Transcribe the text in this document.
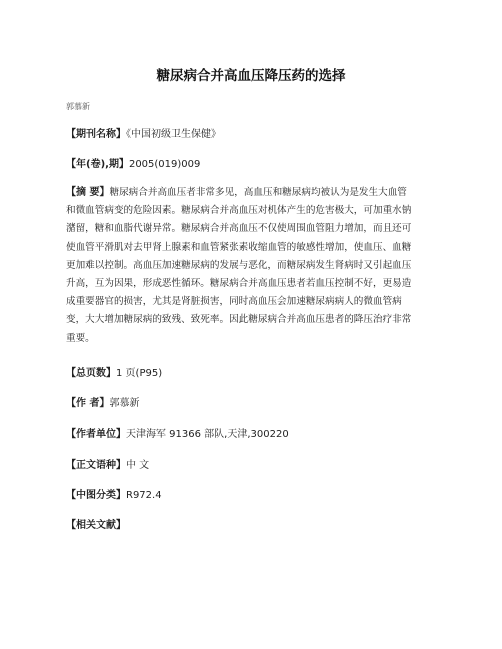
糖尿病合并高血压降压药的选择
郭慕新
【期刊名称】《中国初级卫生保健》
【年(卷),期】2005(019)009
【摘 要】糖尿病合并高血压者非常多见，高血压和糖尿病均被认为是发生大血管
和微血管病变的危险因素。糖尿病合并高血压对机体产生的危害极大，可加重水钠
潴留，糖和血脂代谢异常。糖尿病合并高血压不仅使周围血管阻力增加，而且还可
使血管平滑肌对去甲肾上腺素和血管紧张素收缩血管的敏感性增加，使血压、血糖
更加难以控制。高血压加速糖尿病的发展与恶化，而糖尿病发生肾病时又引起血压
升高，互为因果，形成恶性循环。糖尿病合并高血压患者若血压控制不好，更易造
成重要器官的损害，尤其是肾脏损害，同时高血压会加速糖尿病病人的微血管病
变，大大增加糖尿病的致残、致死率。因此糖尿病合并高血压患者的降压治疗非常
重要。
【总页数】1 页(P95)
【作 者】郭慕新
【作者单位】天津海军 91366 部队,天津,300220
【正文语种】中 文
【中图分类】R972.4
【相关文献】
